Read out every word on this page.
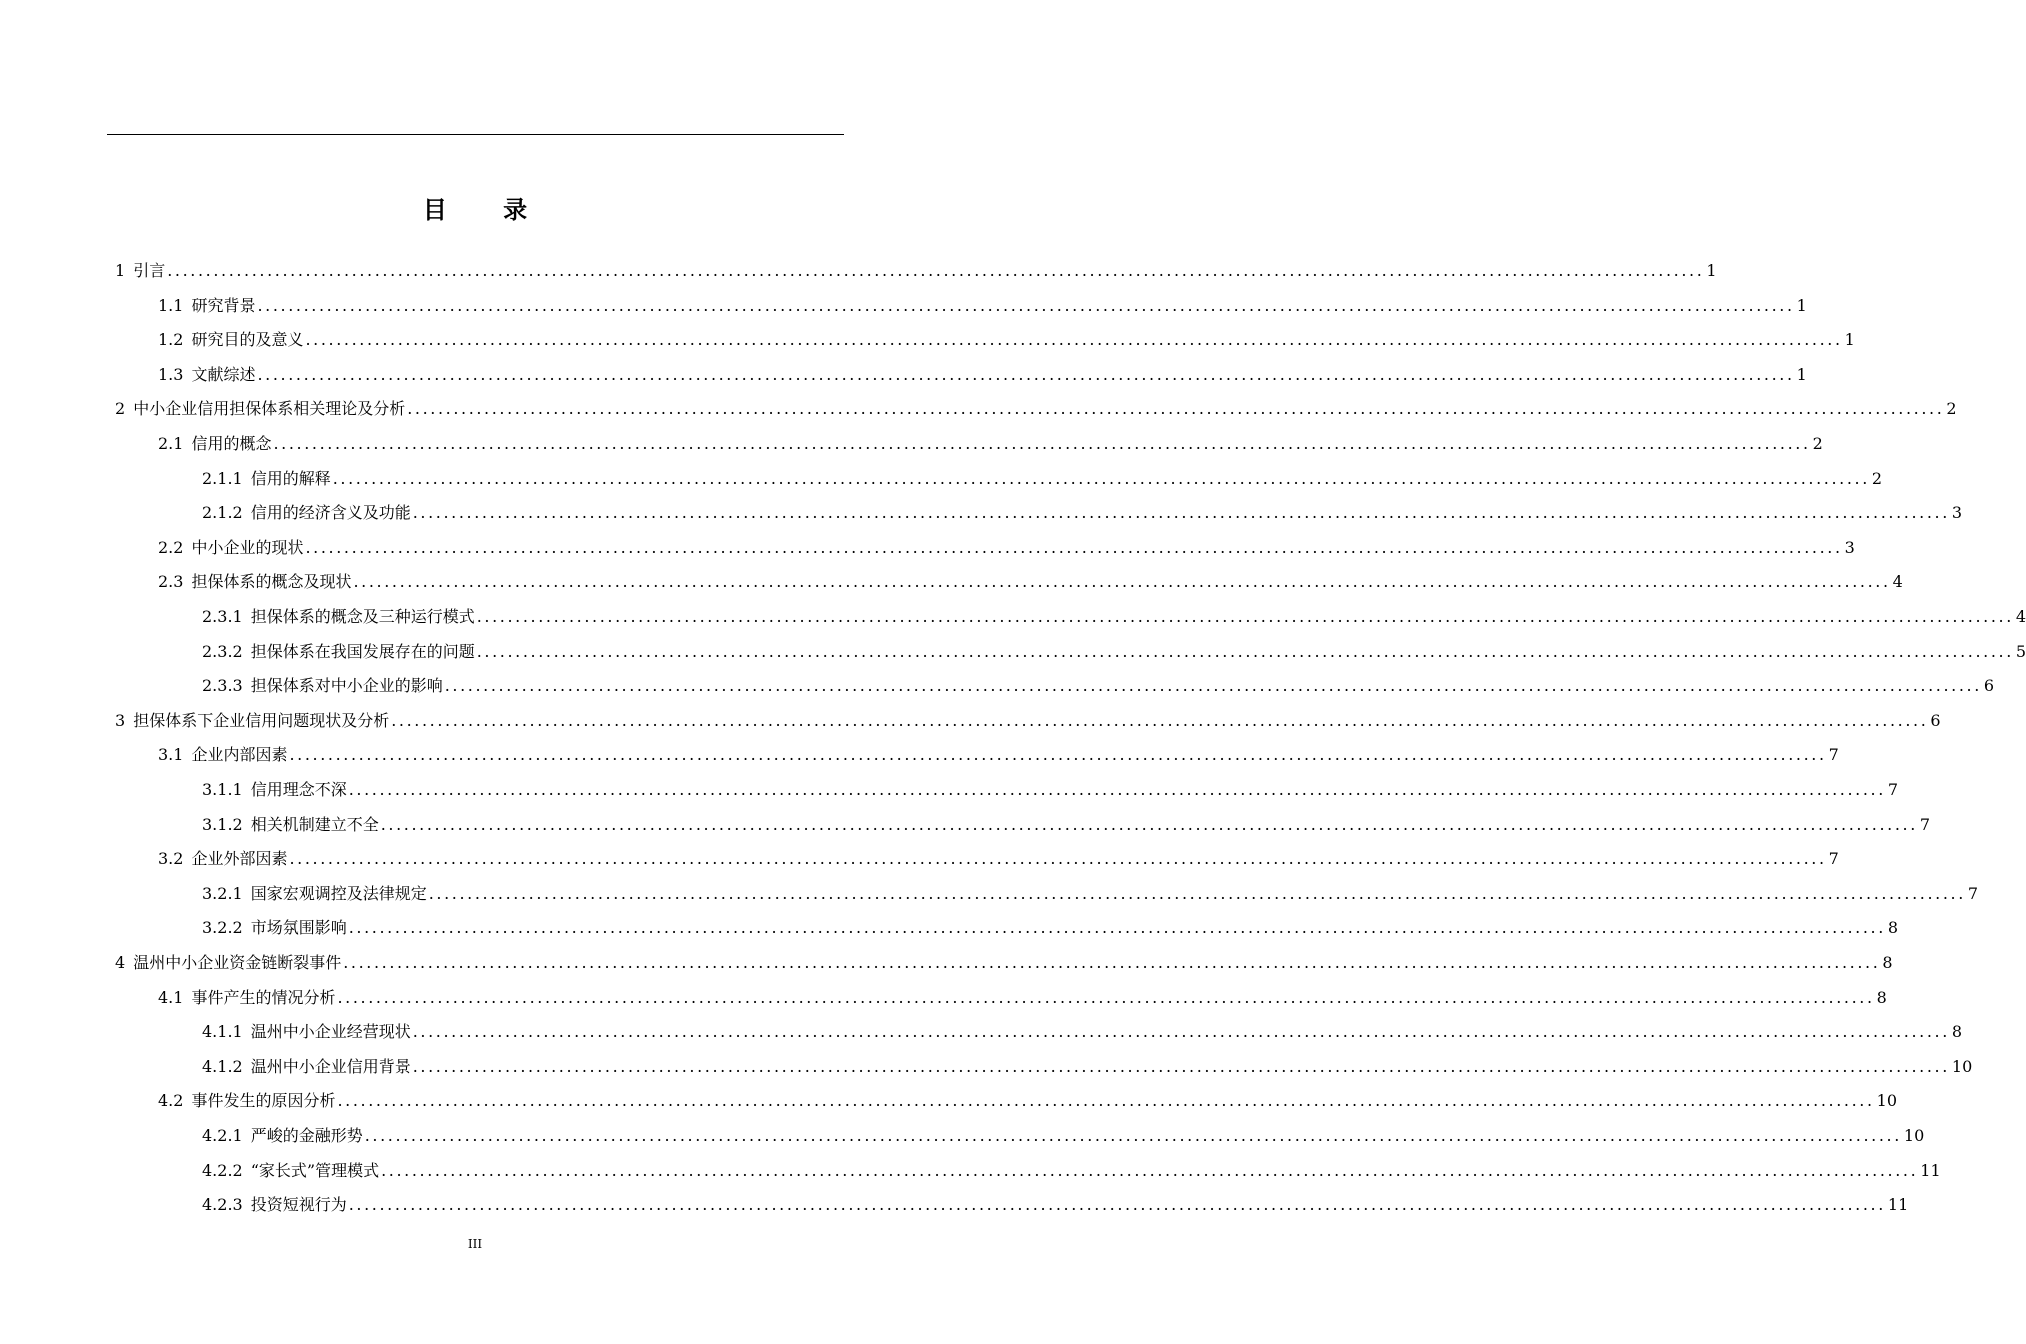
目 录
1 引言 ........................................................................................................................................................................................................ 1
1.1 研究背景 ........................................................................................................................................................................................................ 1
1.2 研究目的及意义 ........................................................................................................................................................................................................ 1
1.3 文献综述 ........................................................................................................................................................................................................ 1
2 中小企业信用担保体系相关理论及分析 ........................................................................................................................................................................................................ 2
2.1 信用的概念 ........................................................................................................................................................................................................ 2
2.1.1 信用的解释 ........................................................................................................................................................................................................ 2
2.1.2 信用的经济含义及功能 ........................................................................................................................................................................................................ 3
2.2 中小企业的现状 ........................................................................................................................................................................................................ 3
2.3 担保体系的概念及现状 ........................................................................................................................................................................................................ 4
2.3.1 担保体系的概念及三种运行模式 ........................................................................................................................................................................................................ 4
2.3.2 担保体系在我国发展存在的问题 ........................................................................................................................................................................................................ 5
2.3.3 担保体系对中小企业的影响 ........................................................................................................................................................................................................ 6
3 担保体系下企业信用问题现状及分析 ........................................................................................................................................................................................................ 6
3.1 企业内部因素 ........................................................................................................................................................................................................ 7
3.1.1 信用理念不深 ........................................................................................................................................................................................................ 7
3.1.2 相关机制建立不全 ........................................................................................................................................................................................................ 7
3.2 企业外部因素 ........................................................................................................................................................................................................ 7
3.2.1 国家宏观调控及法律规定 ........................................................................................................................................................................................................ 7
3.2.2 市场氛围影响 ........................................................................................................................................................................................................ 8
4 温州中小企业资金链断裂事件 ........................................................................................................................................................................................................ 8
4.1 事件产生的情况分析 ........................................................................................................................................................................................................ 8
4.1.1 温州中小企业经营现状 ........................................................................................................................................................................................................ 8
4.1.2 温州中小企业信用背景 ........................................................................................................................................................................................................ 10
4.2 事件发生的原因分析 ........................................................................................................................................................................................................ 10
4.2.1 严峻的金融形势 ........................................................................................................................................................................................................ 10
4.2.2 “家长式”管理模式 ........................................................................................................................................................................................................ 11
4.2.3 投资短视行为 ........................................................................................................................................................................................................ 11
III
